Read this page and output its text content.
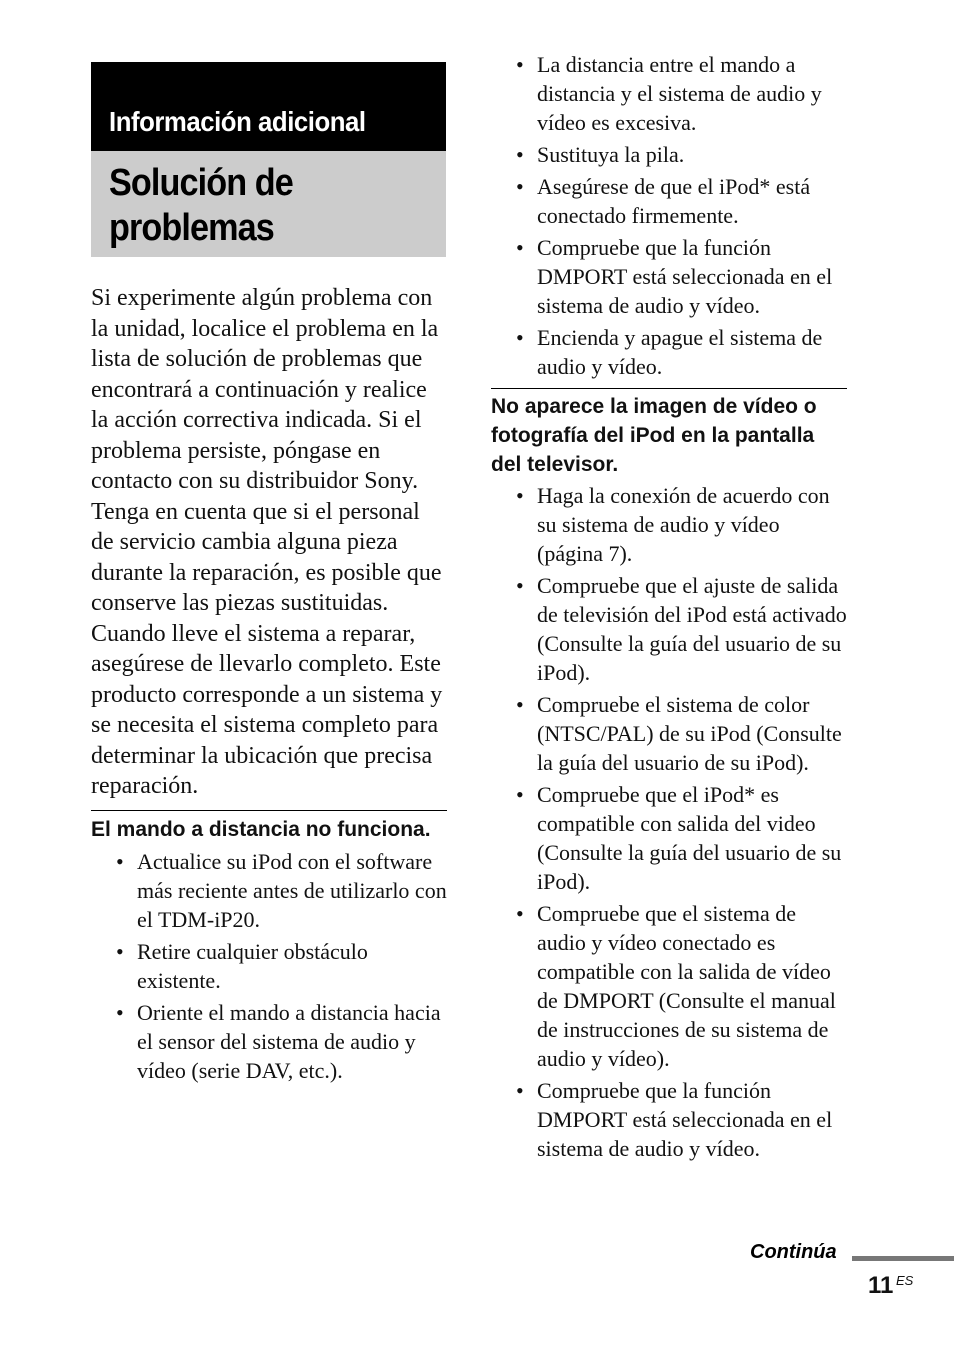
Información adicional
Solución de problemas

Si experimente algún problema con la unidad, localice el problema en la lista de solución de problemas que encontrará a continuación y realice la acción correctiva indicada. Si el problema persiste, póngase en contacto con su distribuidor Sony.

Tenga en cuenta que si el personal de servicio cambia alguna pieza durante la reparación, es posible que conserve las piezas sustituidas.

Cuando lleve el sistema a reparar, asegúrese de llevarlo completo. Este producto corresponde a un sistema y se necesita el sistema completo para determinar la ubicación que precisa reparación.

El mando a distancia no funciona.
• Actualice su iPod con el software más reciente antes de utilizarlo con el TDM-iP20.
• Retire cualquier obstáculo existente.
• Oriente el mando a distancia hacia el sensor del sistema de audio y vídeo (serie DAV, etc.).
• La distancia entre el mando a distancia y el sistema de audio y vídeo es excesiva.
• Sustituya la pila.
• Asegúrese de que el iPod* está conectado firmemente.
• Compruebe que la función DMPORT está seleccionada en el sistema de audio y vídeo.
• Encienda y apague el sistema de audio y vídeo.
No aparece la imagen de vídeo o fotografía del iPod en la pantalla del televisor.
• Haga la conexión de acuerdo con su sistema de audio y vídeo (página 7).
• Compruebe que el ajuste de salida de televisión del iPod está activado (Consulte la guía del usuario de su iPod).
• Compruebe el sistema de color (NTSC/PAL) de su iPod (Consulte la guía del usuario de su iPod).
• Compruebe que el iPod* es compatible con salida del video (Consulte la guía del usuario de su iPod).
• Compruebe que el sistema de audio y vídeo conectado es compatible con la salida de vídeo de DMPORT (Consulte el manual de instrucciones de su sistema de audio y vídeo).
• Compruebe que la función DMPORT está seleccionada en el sistema de audio y vídeo.
Continúa
11 ES
